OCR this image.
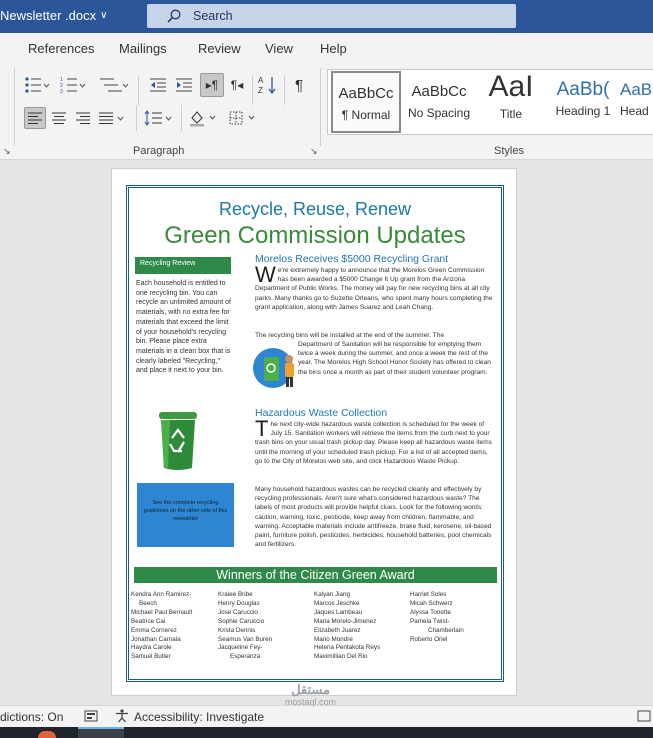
Newsletter .docx ∨	Search
References Mailings Review View Help
1
2
3	▸¶ ¶◂ A
Z ¶
Paragraph
↘	↘
AaBbCc
¶ Normal
AaBbCc
No Spacing
AaI
Title
AaBb(
Heading 1
AaB
Head
Styles
Recycle, Reuse, Renew
Green Commission Updates
Recycling Review
Each household is entitled to one recycling bin. You can recycle an unlimited amount of materials, with no extra fee for materials that exceed the limit of your household's recycling bin. Please place extra materials in a clean box that is clearly labeled "Recycling," and place it next to your bin.
See the complete recycling guidelines on the other side of this newsletter
Morelos Receives $5000 Recycling Grant
We're extremely happy to announce that the Morelos Green Commission has been awarded a $5000 Change It Up grant from the Arizona Department of Public Works. The money will pay for new recycling bins at all city parks. Many thanks go to Suzette Orleans, who spent many hours completing the grant application, along with James Suarez and Leah Chang.
The recycling bins will be installed at the end of the summer. The
Department of Sanitation will be responsible for emptying them twice a week during the summer, and once a week the rest of the year. The Morelos High School Honor Society has offered to clean the bins once a month as part of their student volunteer program.
Hazardous Waste Collection
The next city-wide hazardous waste collection is scheduled for the week of July 15. Sanitation workers will retrieve the items from the curb next to your trash bins on your usual trash pickup day. Please keep all hazardous waste items until the morning of your scheduled trash pickup. For a list of all accepted items, go to the City of Morelos web site, and click Hazardous Waste Pickup.
Many household hazardous wastes can be recycled cleanly and effectively by recycling professionals. Aren't sure what's considered hazardous waste? The labels of most products will provide helpful clues. Look for the following words: caution, warning, toxic, pesticide, keep away from children, flammable, and warning. Acceptable materials include antifreeze, brake fluid, kerosene, oil-based paint, furniture polish, pesticides, herbicides, household batteries, pool chemicals and fertilizers.
Winners of the Citizen Green Award
Kendra Ann Ramirez-
Beech
Michael Paul Bernault
Beatrice Cai
Emma Cornerez
Jonathan Carnala
Haydra Carole
Samuel Butler
Kralee Bribe
Henry Douglas
Jose Caruccio
Sophie Caruccio
Krista Dennis
Seamus Van Buren
Jacqueline Fey-
Esperanza
Kalyan Jiang
Marcos Jeschke
Jaques Lambeau
Maria Morelo-Jimenez
Elizabeth Juarez
Mario Mondre
Helena Pentakota Reys
Maximillian Del Rio
Harriet Soles
Micah Schwerz
Alyssa Tonette
Pamela Twist-
Chamberlain
Roberto Oriel
dictions: On	Accessibility: Investigate
مستقل
mostaql.com
